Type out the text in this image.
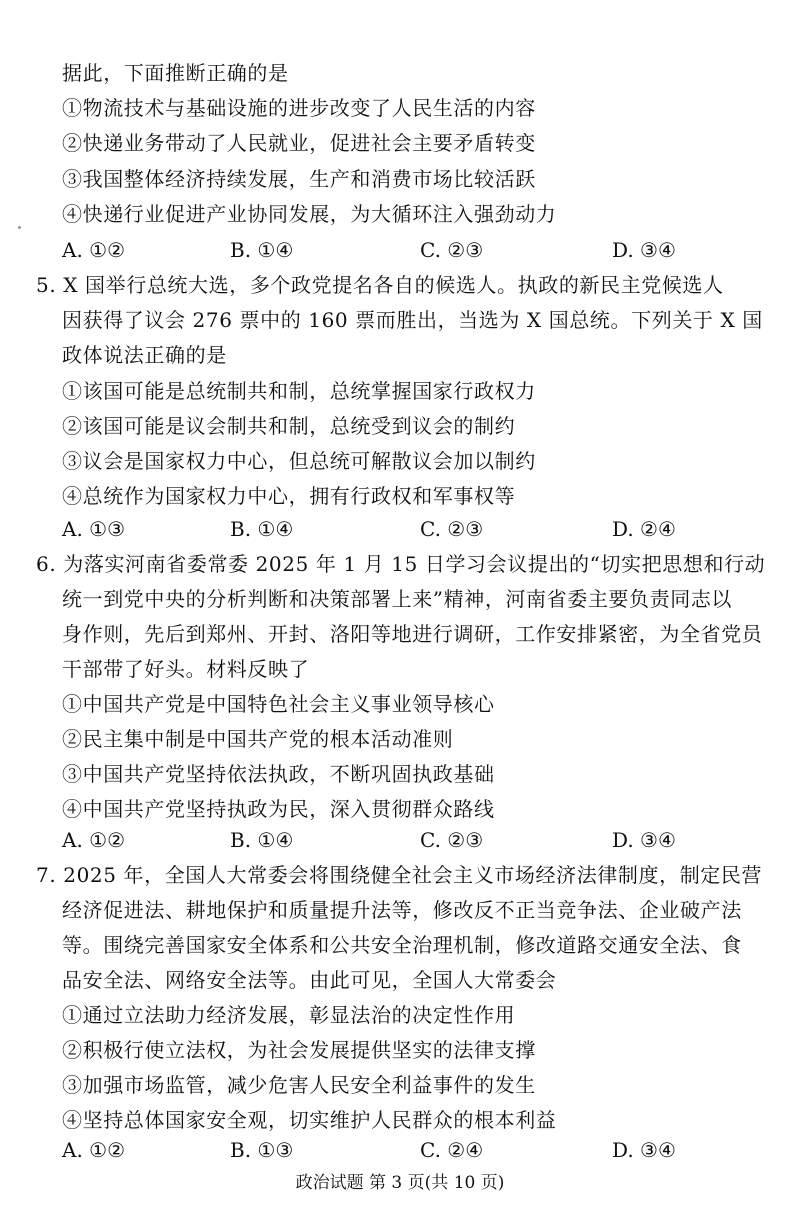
据此，下面推断正确的是
①物流技术与基础设施的进步改变了人民生活的内容
②快递业务带动了人民就业，促进社会主要矛盾转变
③我国整体经济持续发展，生产和消费市场比较活跃
④快递行业促进产业协同发展，为大循环注入强劲动力
A. ①②	B. ①④	C. ②③	D. ③④
5. X 国举行总统大选，多个政党提名各自的候选人。执政的新民主党候选人
因获得了议会 276 票中的 160 票而胜出，当选为 X 国总统。下列关于 X 国
政体说法正确的是
①该国可能是总统制共和制，总统掌握国家行政权力
②该国可能是议会制共和制，总统受到议会的制约
③议会是国家权力中心，但总统可解散议会加以制约
④总统作为国家权力中心，拥有行政权和军事权等
A. ①③	B. ①④	C. ②③	D. ②④
6. 为落实河南省委常委 2025 年 1 月 15 日学习会议提出的“切实把思想和行动
统一到党中央的分析判断和决策部署上来”精神，河南省委主要负责同志以
身作则，先后到郑州、开封、洛阳等地进行调研，工作安排紧密，为全省党员
干部带了好头。材料反映了
①中国共产党是中国特色社会主义事业领导核心
②民主集中制是中国共产党的根本活动准则
③中国共产党坚持依法执政，不断巩固执政基础
④中国共产党坚持执政为民，深入贯彻群众路线
A. ①②	B. ①④	C. ②③	D. ③④
7. 2025 年，全国人大常委会将围绕健全社会主义市场经济法律制度，制定民营
经济促进法、耕地保护和质量提升法等，修改反不正当竞争法、企业破产法
等。围绕完善国家安全体系和公共安全治理机制，修改道路交通安全法、食
品安全法、网络安全法等。由此可见，全国人大常委会
①通过立法助力经济发展，彰显法治的决定性作用
②积极行使立法权，为社会发展提供坚实的法律支撑
③加强市场监管，减少危害人民安全利益事件的发生
④坚持总体国家安全观，切实维护人民群众的根本利益
A. ①②	B. ①③	C. ②④	D. ③④
政治试题 第 3 页(共 10 页)
